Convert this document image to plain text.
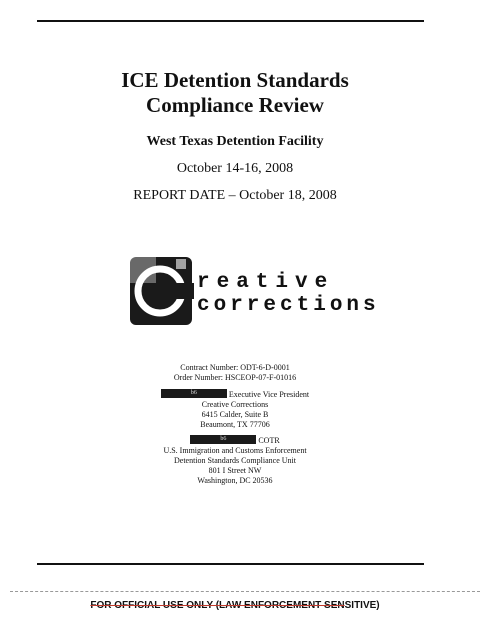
ICE Detention Standards
Compliance Review
West Texas Detention Facility
October 14-16, 2008
REPORT DATE – October 18, 2008
reative
corrections
Contract Number: ODT-6-D-0001
Order Number: HSCEOP-07-F-01016
b6	Executive Vice President
Creative Corrections
6415 Calder, Suite B
Beaumont, TX 77706
b6	COTR
U.S. Immigration and Customs Enforcement
Detention Standards Compliance Unit
801 I Street NW
Washington, DC 20536
FOR OFFICIAL USE ONLY (LAW ENFORCEMENT SENSITIVE)
